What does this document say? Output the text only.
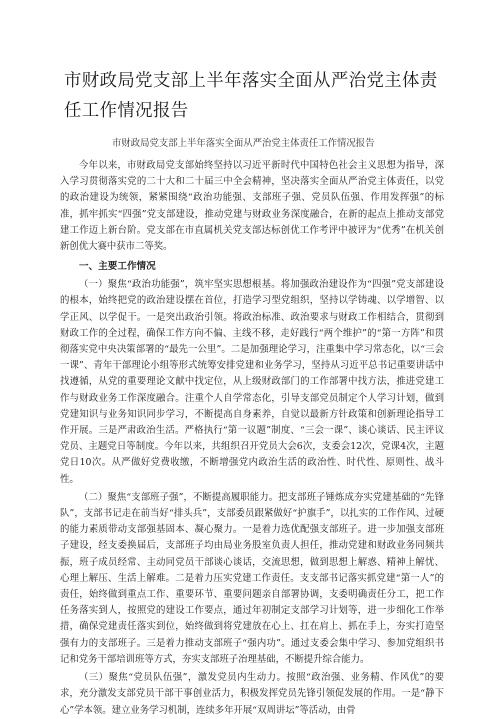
市财政局党支部上半年落实全面从严治党主体责任工作情况报告
市财政局党支部上半年落实全面从严治党主体责任工作情况报告

今年以来，市财政局党支部始终坚持以习近平新时代中国特色社会主义思想为指导，深入学习贯彻落实党的二十大和二十届三中全会精神，坚决落实全面从严治党主体责任，以党的政治建设为统领，紧紧围绕“政治功能强、支部班子强、党员队伍强、作用发挥强”的标准，抓牢抓实“四强”党支部建设，推动党建与财政业务深度融合，在新的起点上推动支部党建工作迈上新台阶。党支部在市直属机关党支部达标创优工作考评中被评为“优秀”在机关创新创优大赛中获市二等奖。

一、主要工作情况

（一）聚焦“政治功能强”，筑牢坚实思想根基。将加强政治建设作为“四强”党支部建设的根本，始终把党的政治建设摆在首位，打造学习型党组织，坚持以学铸魂、以学增智、以学正风、以学促干。一是突出政治引领。将政治标准、政治要求与财政工作相结合，贯彻到财政工作的全过程，确保工作方向不偏、主线不移，走好践行“两个维护”的“第一方阵”和贯彻落实党中央决策部署的“最先一公里”。二是加强理论学习，注重集中学习常态化，以“三会一课”、青年干部理论小组等形式统筹安排党建和业务学习，坚持从习近平总书记重要讲话中找遵循，从党的重要理论文献中找定位，从上级财政部门的工作部署中找方法，推进党建工作与财政业务工作深度融合。注重个人自学常态化，引导支部党员制定个人学习计划，做到党建知识与业务知识同步学习，不断提高自身素养，自觉以最新方针政策和创新理论指导工作开展。三是严肃政治生活。严格执行“第一议题”制度、“三会一课”、谈心谈话、民主评议党员、主题党日等制度。今年以来，共组织召开党员大会6次，支委会12次，党课4次，主题党日10次。从严做好党费收缴，不断增强党内政治生活的政治性、时代性、原则性、战斗性。

（二）聚焦“支部班子强”，不断提高履职能力。把支部班子锤炼成夯实党建基础的“先锋队”，支部书记走在前当好“排头兵”，支部委员跟紧做好“护旗手”，以扎实的工作作风、过硬的能力素质带动支部强基固本、凝心聚力。一是着力选优配强支部班子。进一步加强支部班子建设，经支委换届后，支部班子均由局业务股室负责人担任，推动党建和财政业务同频共振，班子成员经常、主动同党员干部谈心谈话，交流思想，做到思想上解惑、精神上解忧、心理上解压、生活上解难。二是着力压实党建工作责任。支支部书记落实抓党建“第一人”的责任，始终做到重点工作、重要环节、重要问题亲自部署协调，支委明确责任分工，把工作任务落实到人，按照党的建设工作要点，通过年初制定支部学习计划等，进一步细化工作举措，确保党建责任落实到位，始终做到将党建放在心上、扛在肩上、抓在手上，夯实打造坚强有力的支部班子。三是着力推动支部班子“强内功”。通过支委会集中学习、参加党组织书记和党务干部培训班等方式，夯实支部班子治理基础，不断提升综合能力。

（三）聚焦“党员队伍强”，激发党员内生动力。按照“政治强、业务精、作风优”的要求，充分激发支部党员干部干事创业活力，积极发挥党员先锋引领促发展的作用。一是“静下心”学本领。建立业务学习机制，连续多年开展“双周讲坛”等活动，由骨
